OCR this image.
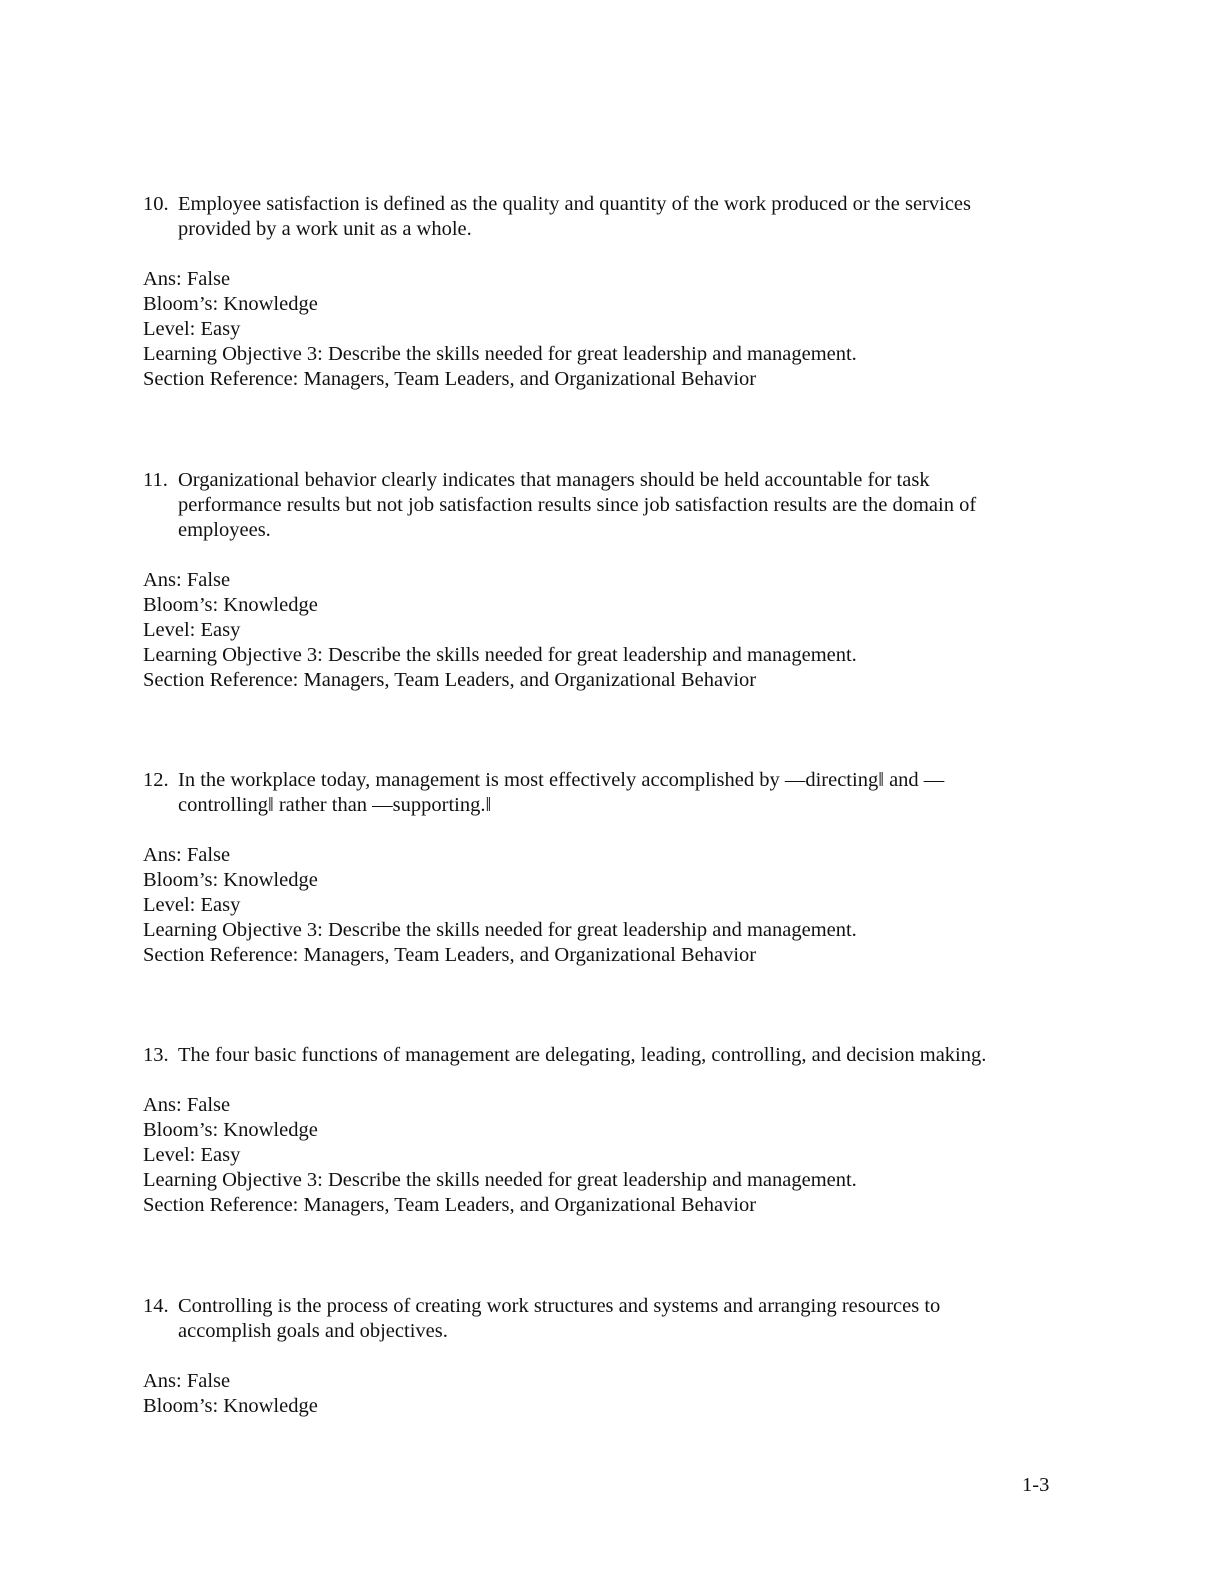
10. Employee satisfaction is defined as the quality and quantity of the work produced or the services provided by a work unit as a whole.

Ans: False
Bloom’s: Knowledge
Level: Easy
Learning Objective 3: Describe the skills needed for great leadership and management.
Section Reference: Managers, Team Leaders, and Organizational Behavior

11. Organizational behavior clearly indicates that managers should be held accountable for task performance results but not job satisfaction results since job satisfaction results are the domain of employees.

Ans: False
Bloom’s: Knowledge
Level: Easy
Learning Objective 3: Describe the skills needed for great leadership and management.
Section Reference: Managers, Team Leaders, and Organizational Behavior

12. In the workplace today, management is most effectively accomplished by —directing‖ and —controlling‖ rather than —supporting.‖

Ans: False
Bloom’s: Knowledge
Level: Easy
Learning Objective 3: Describe the skills needed for great leadership and management.
Section Reference: Managers, Team Leaders, and Organizational Behavior

13. The four basic functions of management are delegating, leading, controlling, and decision making.

Ans: False
Bloom’s: Knowledge
Level: Easy
Learning Objective 3: Describe the skills needed for great leadership and management.
Section Reference: Managers, Team Leaders, and Organizational Behavior

14. Controlling is the process of creating work structures and systems and arranging resources to accomplish goals and objectives.

Ans: False
Bloom’s: Knowledge
1-3
